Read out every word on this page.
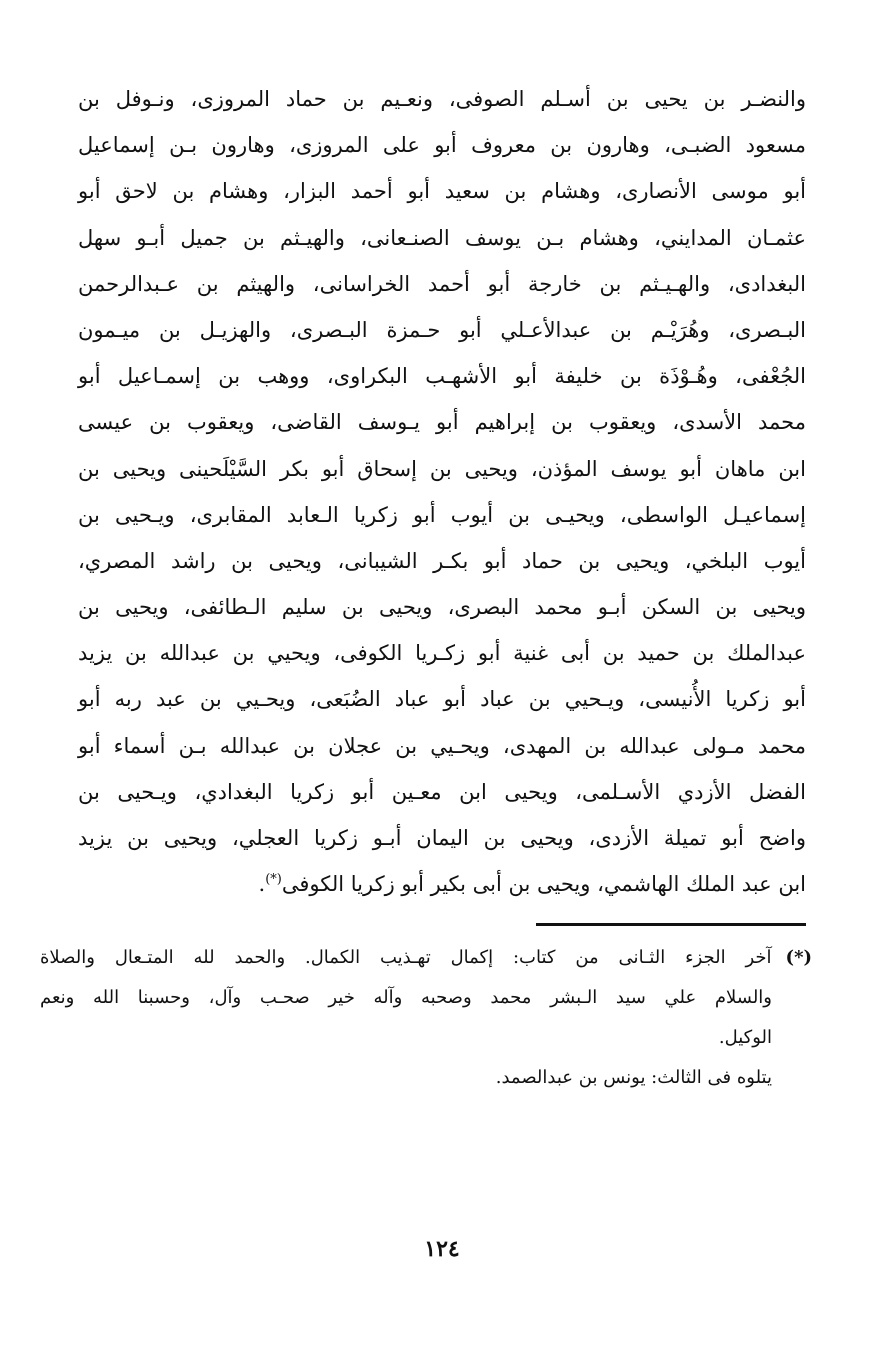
والنضـر بن يحيى بن أسـلم الصوفى، ونعـيم بن حماد المروزى، ونـوفل بن
مسعود الضبـى، وهارون بن معروف أبو على المروزى، وهارون بـن إسماعيل
أبو موسى الأنصارى، وهشام بن سعيد أبو أحمد البزار، وهشام بن لاحق أبو
عثمـان المدايني، وهشام بـن يوسف الصنـعانى، والهيـثم بن جميل أبـو سهل
البغدادى، والهـيـثم بن خارجة أبو أحمد الخراسانى، والهيثم بن عـبدالرحمن
البـصرى، وهُرَيْـم بن عبدالأعـلي أبو حـمزة البـصرى، والهزيـل بن ميـمون
الجُعْفى، وهُـوْذَة بن خليفة أبو الأشهـب البكراوى، ووهب بن إسمـاعيل أبو
محمد الأسدى، ويعقوب بن إبراهيم أبو يـوسف القاضى، ويعقوب بن عيسى
ابن ماهان أبو يوسف المؤذن، ويحيى بن إسحاق أبو بكر السَّيْلَحينى ويحيى بن
إسماعيـل الواسطى، ويحيـى بن أيوب أبو زكريا الـعابد المقابرى، ويـحيى بن
أيوب البلخي، ويحيى بن حماد أبو بكـر الشيبانى، ويحيى بن راشد المصري،
ويحيى بن السكن أبـو محمد البصرى، ويحيى بن سليم الـطائفى، ويحيى بن
عبدالملك بن حميد بن أبى غنية أبو زكـريا الكوفى، ويحيي بن عبدالله بن يزيد
أبو زكريا الأُنيسى، ويـحيي بن عباد أبو عباد الضُبَعى، ويحـيي بن عبد ربه أبو
محمد مـولى عبدالله بن المهدى، ويحـيي بن عجلان بن عبدالله بـن أسماء أبو
الفضل الأزدي الأسـلمى، ويحيى ابن معـين أبو زكريا البغدادي، ويـحيى بن
واضح أبو تميلة الأزدى، ويحيى بن اليمان أبـو زكريا العجلي، ويحيى بن يزيد
ابن عبد الملك الهاشمي، ويحيى بن أبى بكير أبو زكريا الكوفى(*).
(*)آخر الجزء الثـانى من كتاب: إكمال تهـذيب الكمال. والحمد لله المتـعال والصلاة
والسلام علي سيد الـبشر محمد وصحبه وآله خير صحـب وآل، وحسبنا الله ونعم
الوكيل.
يتلوه فى الثالث: يونس بن عبدالصمد.
١٢٤
